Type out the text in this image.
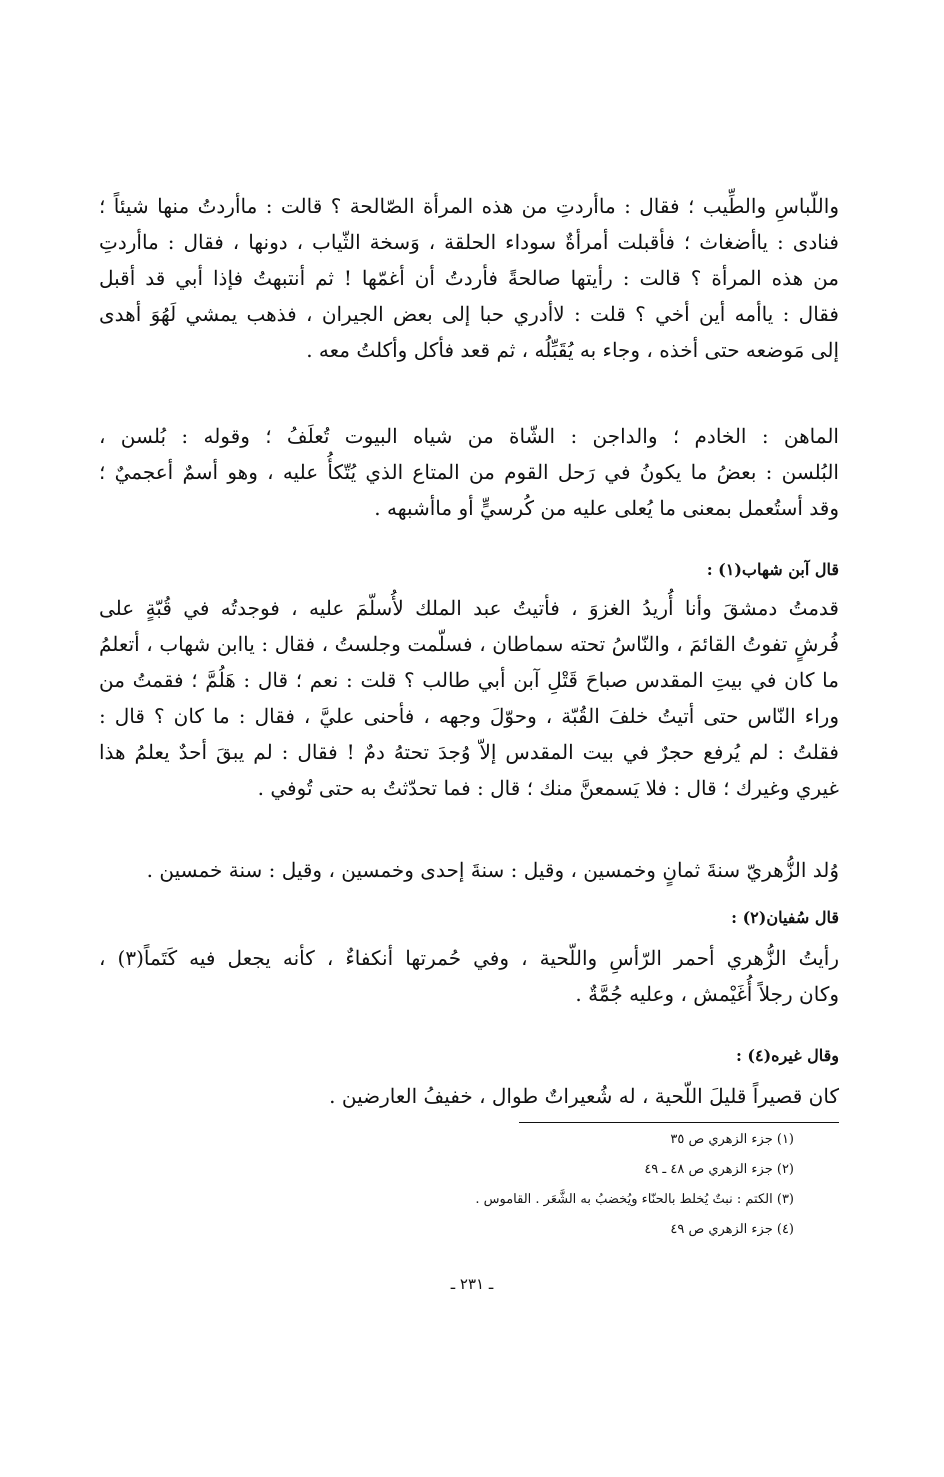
واللّباسِ والطِّيب ؛ فقال : ماأردتِ من هذه المرأة الصّالحة ؟ قالت : ماأردتُ منها شيئاً ؛
فنادى : ياأضغاث ؛ فأقبلت أمرأةٌ سوداء الحلقة ، وَسخة الثّياب ، دونها ، فقال : ماأردتِ
من هذه المرأة ؟ قالت : رأيتها صالحةً فأردتُ أن أغمّها ! ثم أنتبهتُ فإذا أبي قد أقبل
فقال : ياأمه أين أخي ؟ قلت : لاأدري حبا إلى بعض الجيران ، فذهب يمشي لَهُوَ أهدى
إلى مَوضعه حتى أخذه ، وجاء به يُقَبِّلُه ، ثم قعد فأكل وأكلتُ معه .
الماهن : الخادم ؛ والداجن : الشّاة من شياه البيوت تُعلَفُ ؛ وقوله : بُلسن ،
البُلسن : بعضُ ما يكونُ في رَحل القوم من المتاع الذي يُتّكأُ عليه ، وهو أسمٌ أعجميٌ ؛
وقد أستُعمل بمعنى ما يُعلى عليه من كُرسيٍّ أو ماأشبهه .
قال آبن شهاب(١) :
قدمتُ دمشقَ وأنا أُريدُ الغزوَ ، فأتيتُ عبد الملك لأُسلّمَ عليه ، فوجدتُه في قُبّةٍ على
فُرشٍ تفوتُ القائمَ ، والنّاسُ تحته سماطان ، فسلّمت وجلستُ ، فقال : ياابن شهاب ، أتعلمُ
ما كان في بيتِ المقدس صباحَ قَتْلِ آبن أبي طالب ؟ قلت : نعم ؛ قال : هَلُمَّ ؛ فقمتُ من
وراء النّاس حتى أتيتُ خلفَ القُبّة ، وحوّلَ وجهه ، فأحنى عليَّ ، فقال : ما كان ؟ قال :
فقلتُ : لم يُرفع حجرٌ في بيت المقدس إلاّ وُجدَ تحتهُ دمٌ ! فقال : لم يبقَ أحدٌ يعلمُ هذا
غيري وغيرك ؛ قال : فلا يَسمعنَّ منك ؛ قال : فما تحدّثتُ به حتى تُوفي .
وُلد الزُّهريّ سنةَ ثمانٍ وخمسين ، وقيل : سنةَ إحدى وخمسين ، وقيل : سنة خمسين .
قال سُفيان(٢) :
رأيتُ الزُّهري أحمر الرّأسِ واللّحية ، وفي حُمرتها أنكفاءٌ ، كأنه يجعل فيه كَتَماً(٣) ،
وكان رجلاً أُغَيْمش ، وعليه جُمَّةٌ .
وقال غيره(٤) :
كان قصيراً قليلَ اللّحية ، له شُعيراتٌ طوال ، خفيفُ العارضين .
(١) جزء الزهري ص ٣٥
(٢) جزء الزهري ص ٤٨ ـ ٤٩
(٣) الكتم : نبتٌ يُخلط بالحنّاء ويُخضبُ به الشَّعَر . القاموس .
(٤) جزء الزهري ص ٤٩
ـ ٢٣١ ـ
